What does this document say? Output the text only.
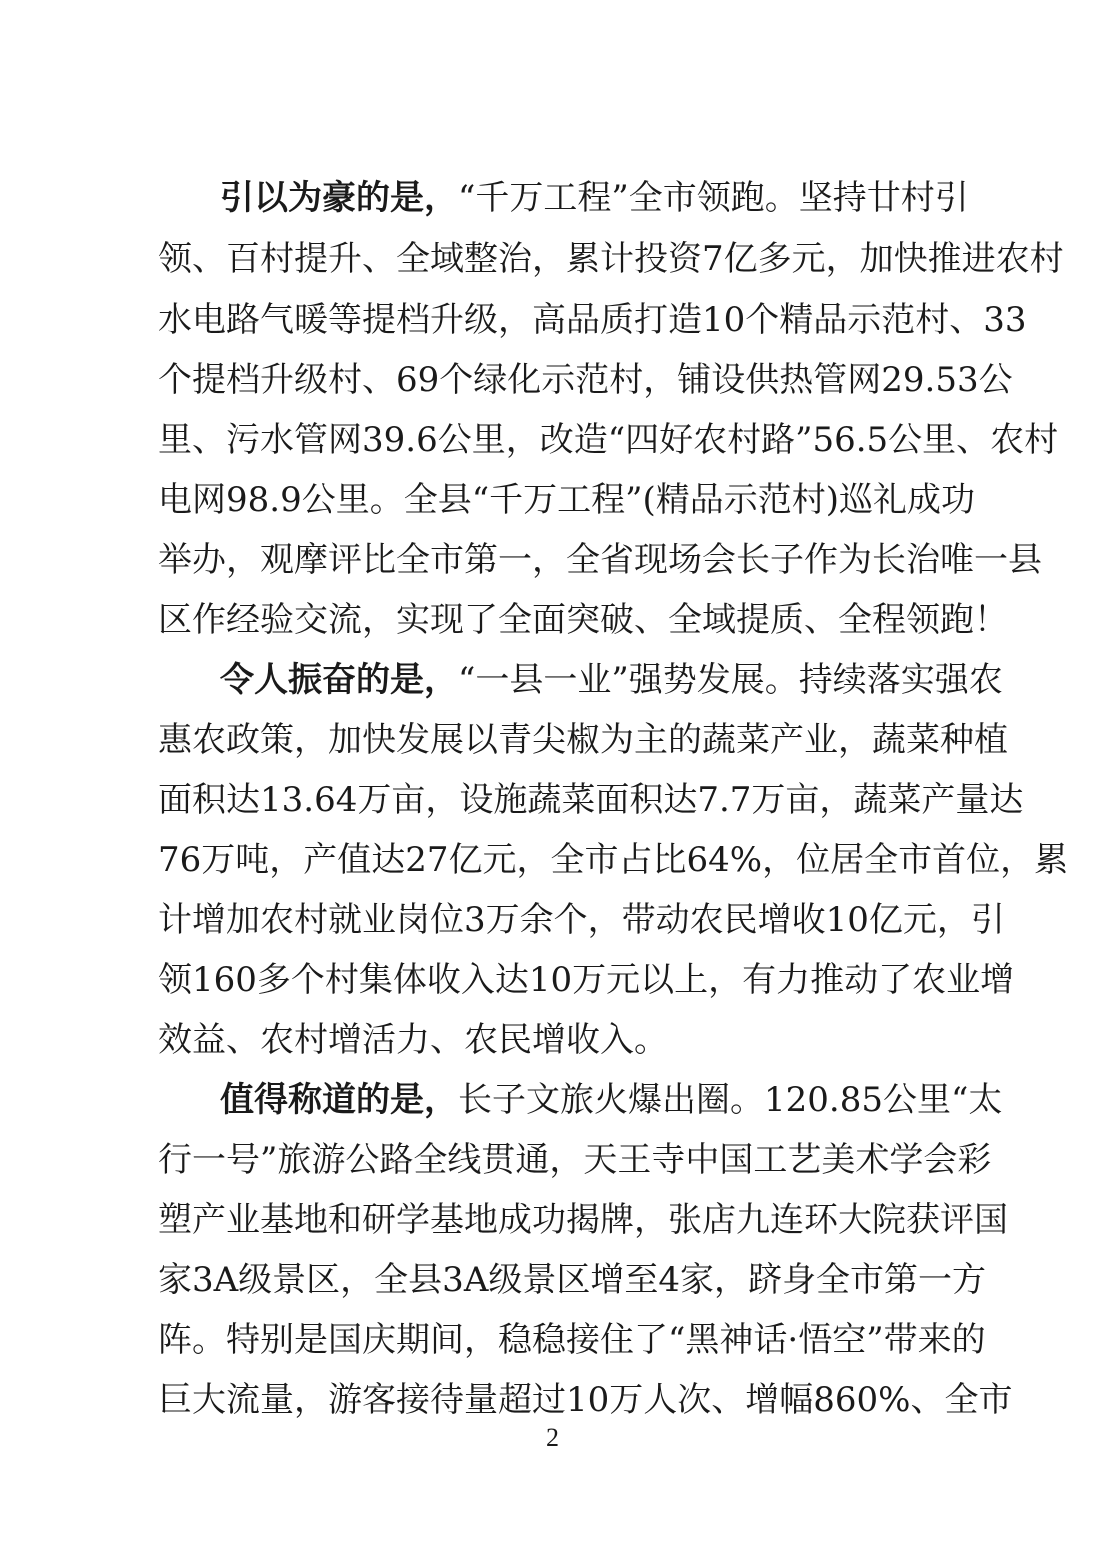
引以为豪的是，“千万工程”全市领跑。坚持廿村引
领、百村提升、全域整治，累计投资7亿多元，加快推进农村
水电路气暖等提档升级，高品质打造10个精品示范村、33
个提档升级村、69个绿化示范村，铺设供热管网29.53公
里、污水管网39.6公里，改造“四好农村路”56.5公里、农村
电网98.9公里。全县“千万工程”(精品示范村)巡礼成功
举办，观摩评比全市第一，全省现场会长子作为长治唯一县
区作经验交流，实现了全面突破、全域提质、全程领跑！
令人振奋的是，“一县一业”强势发展。持续落实强农
惠农政策，加快发展以青尖椒为主的蔬菜产业，蔬菜种植
面积达13.64万亩，设施蔬菜面积达7.7万亩，蔬菜产量达
76万吨，产值达27亿元，全市占比64%，位居全市首位，累
计增加农村就业岗位3万余个，带动农民增收10亿元，引
领160多个村集体收入达10万元以上，有力推动了农业增
效益、农村增活力、农民增收入。
值得称道的是，长子文旅火爆出圈。120.85公里“太
行一号”旅游公路全线贯通，天王寺中国工艺美术学会彩
塑产业基地和研学基地成功揭牌，张店九连环大院获评国
家3A级景区，全县3A级景区增至4家，跻身全市第一方
阵。特别是国庆期间，稳稳接住了“黑神话·悟空”带来的
巨大流量，游客接待量超过10万人次、增幅860%、全市
2
